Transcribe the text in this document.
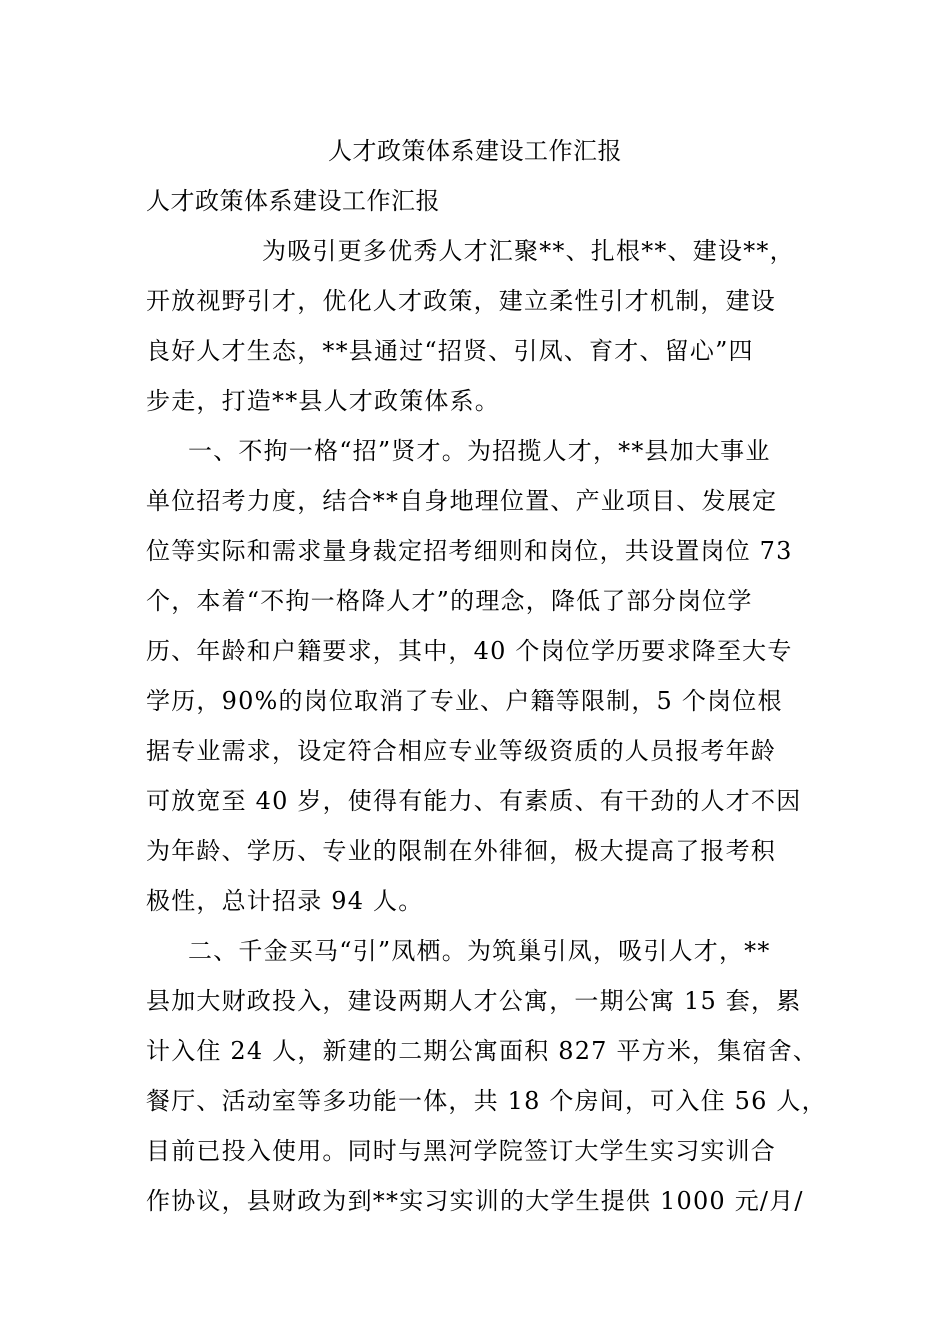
人才政策体系建设工作汇报
人才政策体系建设工作汇报
为吸引更多优秀人才汇聚**、扎根**、建设**，
开放视野引才，优化人才政策，建立柔性引才机制，建设
良好人才生态，**县通过“招贤、引凤、育才、留心”四
步走，打造**县人才政策体系。
一、不拘一格“招”贤才。为招揽人才，**县加大事业
单位招考力度，结合**自身地理位置、产业项目、发展定
位等实际和需求量身裁定招考细则和岗位，共设置岗位 73
个，本着“不拘一格降人才”的理念，降低了部分岗位学
历、年龄和户籍要求，其中，40 个岗位学历要求降至大专
学历，90%的岗位取消了专业、户籍等限制，5 个岗位根
据专业需求，设定符合相应专业等级资质的人员报考年龄
可放宽至 40 岁，使得有能力、有素质、有干劲的人才不因
为年龄、学历、专业的限制在外徘徊，极大提高了报考积
极性，总计招录 94 人。
二、千金买马“引”凤栖。为筑巢引凤，吸引人才，**
县加大财政投入，建设两期人才公寓，一期公寓 15 套，累
计入住 24 人，新建的二期公寓面积 827 平方米，集宿舍、
餐厅、活动室等多功能一体，共 18 个房间，可入住 56 人，
目前已投入使用。同时与黑河学院签订大学生实习实训合
作协议，县财政为到**实习实训的大学生提供 1000 元/月/
